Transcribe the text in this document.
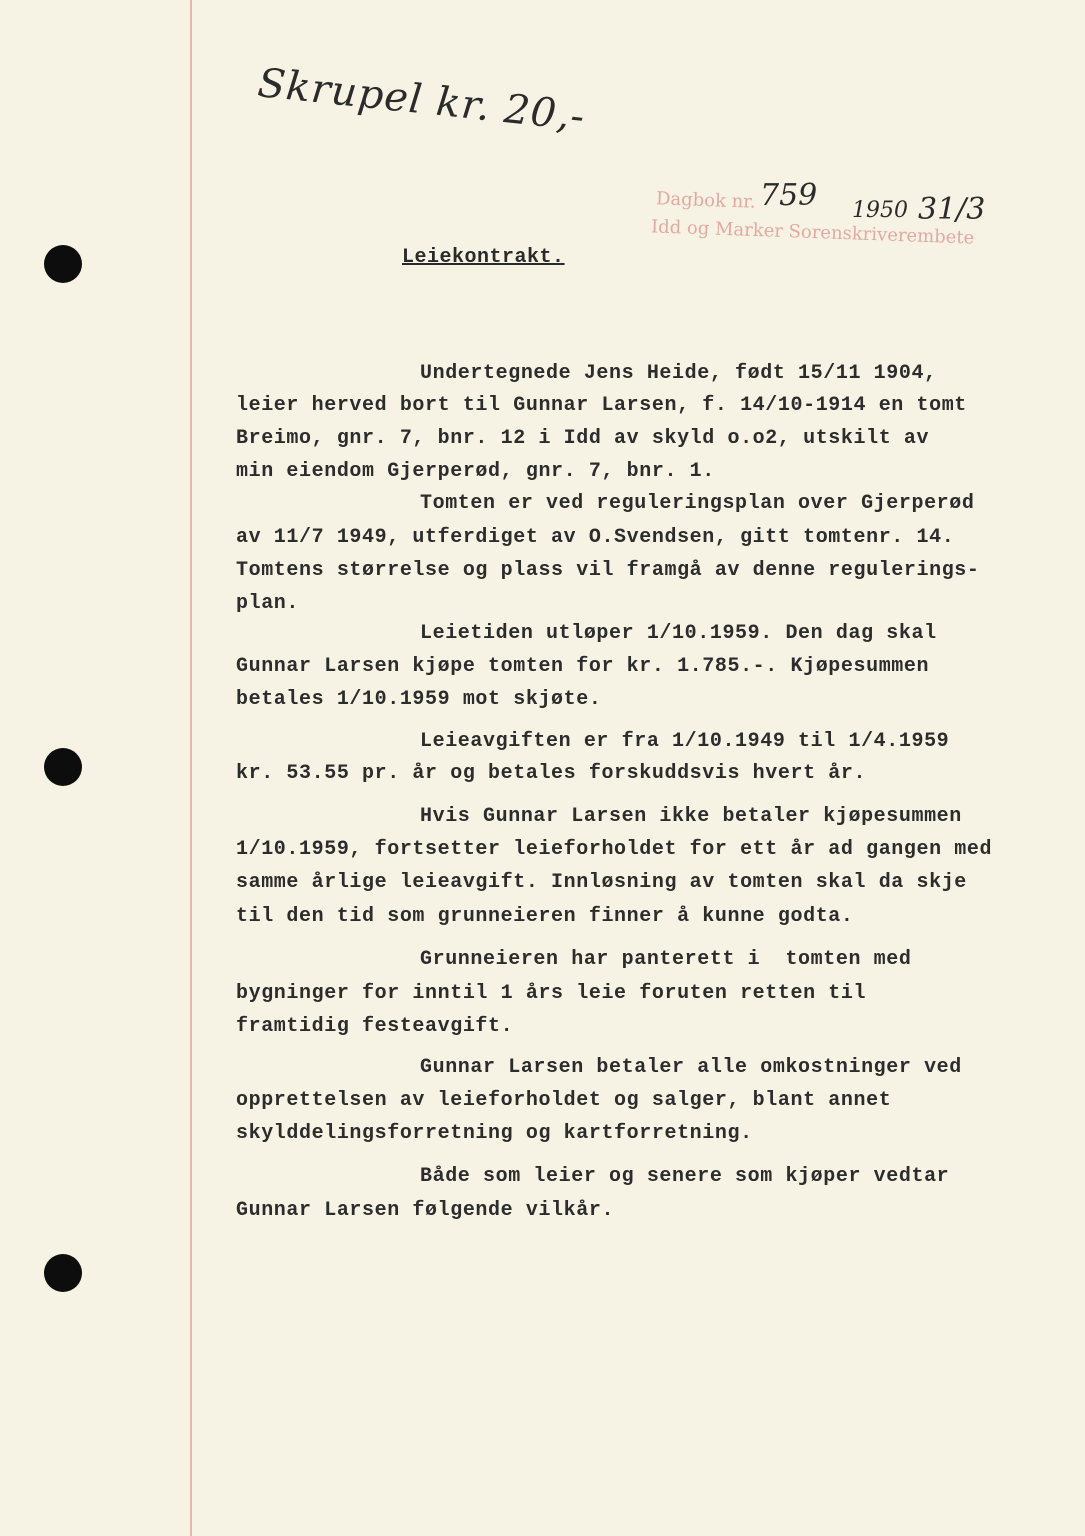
Skrupel kr. 20,-
Dagbok nr.
Idd og Marker Sorenskriverembete
759 1950 31/3
Leiekontrakt.
Undertegnede Jens Heide, født 15/11 1904,
leier herved bort til Gunnar Larsen, f. 14/10-1914 en tomt
Breimo, gnr. 7, bnr. 12 i Idd av skyld o.o2, utskilt av
min eiendom Gjerperød, gnr. 7, bnr. 1.
Tomten er ved reguleringsplan over Gjerperød
av 11/7 1949, utferdiget av O.Svendsen, gitt tomtenr. 14.
Tomtens størrelse og plass vil framgå av denne regulerings-
plan.
Leietiden utløper 1/10.1959. Den dag skal
Gunnar Larsen kjøpe tomten for kr. 1.785.-. Kjøpesummen
betales 1/10.1959 mot skjøte.
Leieavgiften er fra 1/10.1949 til 1/4.1959
kr. 53.55 pr. år og betales forskuddsvis hvert år.
Hvis Gunnar Larsen ikke betaler kjøpesummen
1/10.1959, fortsetter leieforholdet for ett år ad gangen med
samme årlige leieavgift. Innløsning av tomten skal da skje
til den tid som grunneieren finner å kunne godta.
Grunneieren har panterett i  tomten med
bygninger for inntil 1 års leie foruten retten til
framtidig festeavgift.
Gunnar Larsen betaler alle omkostninger ved
opprettelsen av leieforholdet og salger, blant annet
skylddelingsforretning og kartforretning.
Både som leier og senere som kjøper vedtar
Gunnar Larsen følgende vilkår.
